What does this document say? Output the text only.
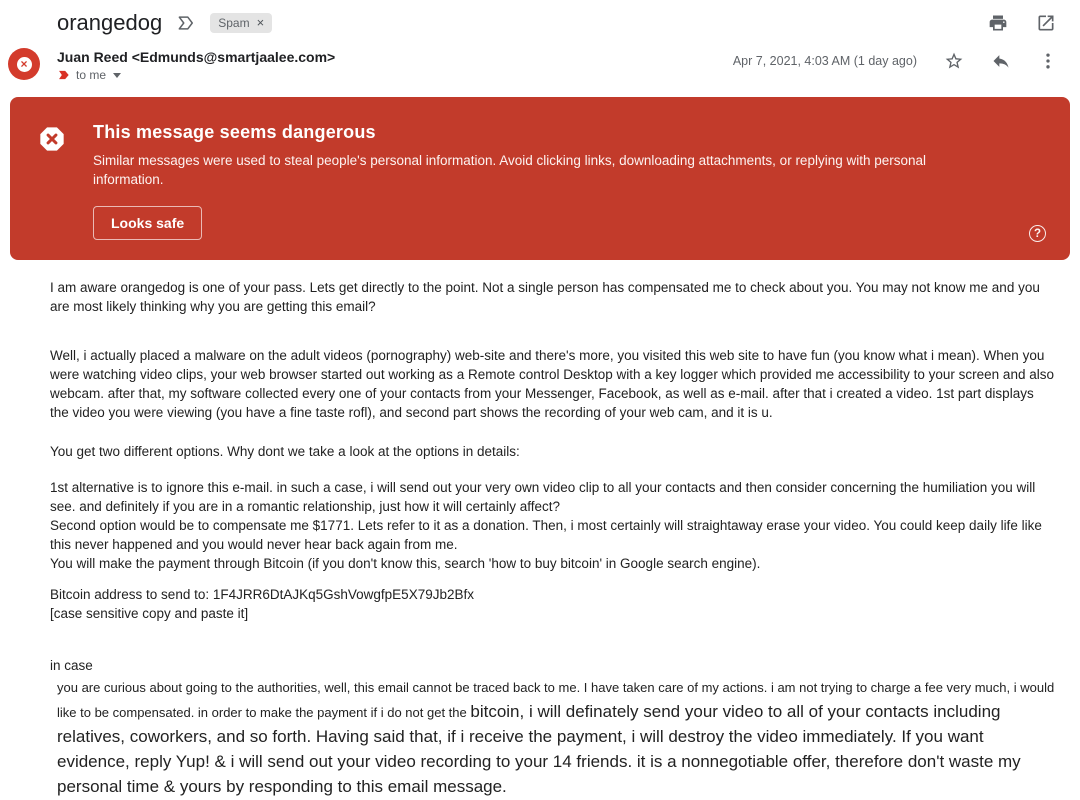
orangedog	Spam ×
× Juan Reed <Edmunds@smartjaalee.com>
to me
Apr 7, 2021, 4:03 AM (1 day ago)
This message seems dangerous
Similar messages were used to steal people's personal information. Avoid clicking links, downloading attachments, or replying with personal information.
Looks safe
?
I am aware orangedog is one of your pass. Lets get directly to the point. Not a single person has compensated me to check about you. You may not know me and you are most likely thinking why you are getting this email?
Well, i actually placed a malware on the adult videos (pornography) web-site and there's more, you visited this web site to have fun (you know what i mean). When you were watching video clips, your web browser started out working as a Remote control Desktop with a key logger which provided me accessibility to your screen and also webcam. after that, my software collected every one of your contacts from your Messenger, Facebook, as well as e-mail. after that i created a video. 1st part displays the video you were viewing (you have a fine taste rofl), and second part shows the recording of your web cam, and it is u.
You get two different options. Why dont we take a look at the options in details:
1st alternative is to ignore this e-mail. in such a case, i will send out your very own video clip to all your contacts and then consider concerning the humiliation you will see. and definitely if you are in a romantic relationship, just how it will certainly affect?
Second option would be to compensate me $1771. Lets refer to it as a donation. Then, i most certainly will straightaway erase your video. You could keep daily life like this never happened and you would never hear back again from me.
You will make the payment through Bitcoin (if you don't know this, search 'how to buy bitcoin' in Google search engine).
Bitcoin address to send to: 1F4JRR6DtAJKq5GshVowgfpE5X79Jb2Bfx
[case sensitive copy and paste it]
in case
you are curious about going to the authorities, well, this email cannot be traced back to me. I have taken care of my actions. i am not trying to charge a fee very much, i would like to be compensated. in order to make the payment if i do not get the bitcoin, i will definately send your video to all of your contacts including relatives, coworkers, and so forth. Having said that, if i receive the payment, i will destroy the video immediately. If you want evidence, reply Yup! & i will send out your video recording to your 14 friends. it is a nonnegotiable offer, therefore don't waste my personal time & yours by responding to this email message.
